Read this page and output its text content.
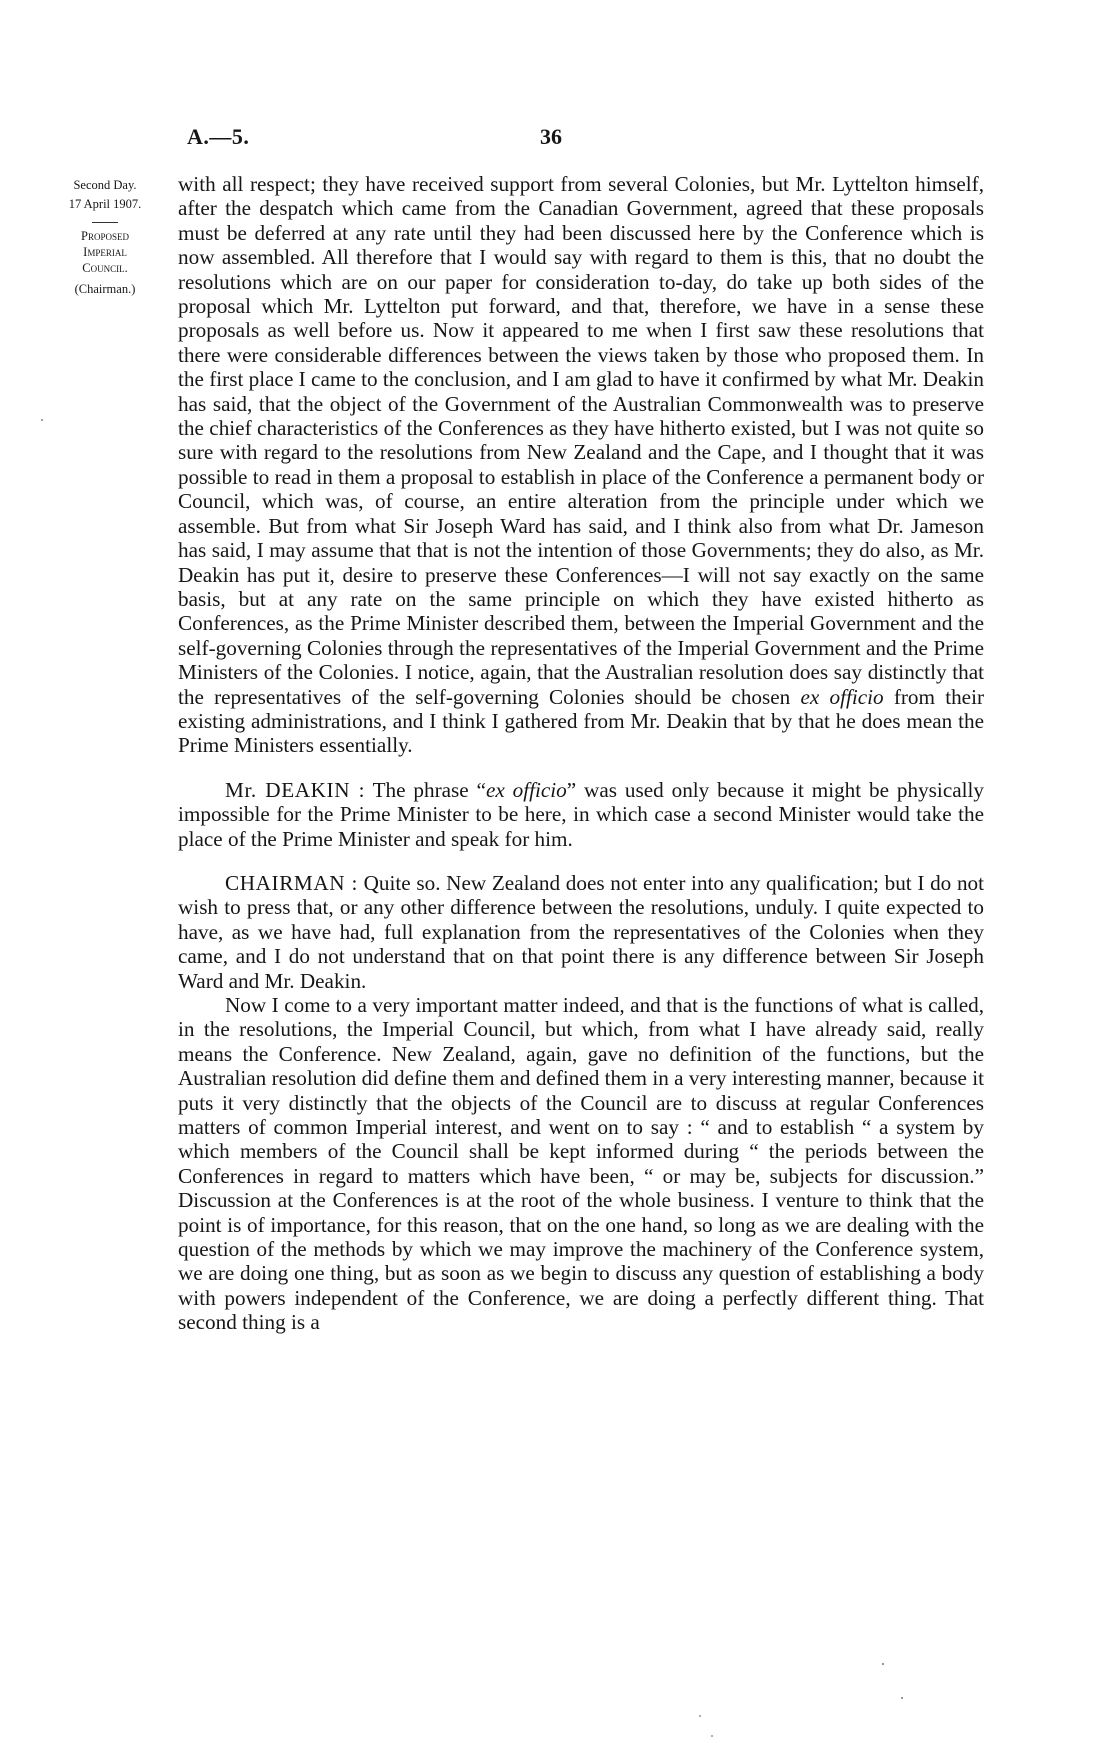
A.—5.	36
Second Day.
17 April 1907.
Proposed
Imperial
Council.
(Chairman.)

with all respect; they have received support from several Colonies, but Mr. Lyttelton himself, after the despatch which came from the Canadian Government, agreed that these proposals must be deferred at any rate until they had been discussed here by the Conference which is now assembled. All therefore that I would say with regard to them is this, that no doubt the resolutions which are on our paper for consideration to-day, do take up both sides of the proposal which Mr. Lyttelton put forward, and that, therefore, we have in a sense these proposals as well before us. Now it appeared to me when I first saw these resolutions that there were considerable differences between the views taken by those who proposed them. In the first place I came to the conclusion, and I am glad to have it confirmed by what Mr. Deakin has said, that the object of the Government of the Australian Commonwealth was to preserve the chief characteristics of the Conferences as they have hitherto existed, but I was not quite so sure with regard to the resolutions from New Zealand and the Cape, and I thought that it was possible to read in them a proposal to establish in place of the Conference a permanent body or Council, which was, of course, an entire alteration from the principle under which we assemble. But from what Sir Joseph Ward has said, and I think also from what Dr. Jameson has said, I may assume that that is not the intention of those Governments; they do also, as Mr. Deakin has put it, desire to preserve these Conferences—I will not say exactly on the same basis, but at any rate on the same principle on which they have existed hitherto as Conferences, as the Prime Minister described them, between the Imperial Government and the self-governing Colonies through the representatives of the Imperial Government and the Prime Ministers of the Colonies. I notice, again, that the Australian resolution does say distinctly that the representatives of the self-governing Colonies should be chosen ex officio from their existing administrations, and I think I gathered from Mr. Deakin that by that he does mean the Prime Ministers essentially.

Mr. DEAKIN : The phrase “ex officio” was used only because it might be physically impossible for the Prime Minister to be here, in which case a second Minister would take the place of the Prime Minister and speak for him.

CHAIRMAN : Quite so. New Zealand does not enter into any qualification; but I do not wish to press that, or any other difference between the resolutions, unduly. I quite expected to have, as we have had, full explanation from the representatives of the Colonies when they came, and I do not understand that on that point there is any difference between Sir Joseph Ward and Mr. Deakin.

Now I come to a very important matter indeed, and that is the functions of what is called, in the resolutions, the Imperial Council, but which, from what I have already said, really means the Conference. New Zealand, again, gave no definition of the functions, but the Australian resolution did define them and defined them in a very interesting manner, because it puts it very distinctly that the objects of the Council are to discuss at regular Conferences matters of common Imperial interest, and went on to say : “ and to establish “ a system by which members of the Council shall be kept informed during “ the periods between the Conferences in regard to matters which have been, “ or may be, subjects for discussion.” Discussion at the Conferences is at the root of the whole business. I venture to think that the point is of importance, for this reason, that on the one hand, so long as we are dealing with the question of the methods by which we may improve the machinery of the Conference system, we are doing one thing, but as soon as we begin to discuss any question of establishing a body with powers independent of the Conference, we are doing a perfectly different thing. That second thing is a
